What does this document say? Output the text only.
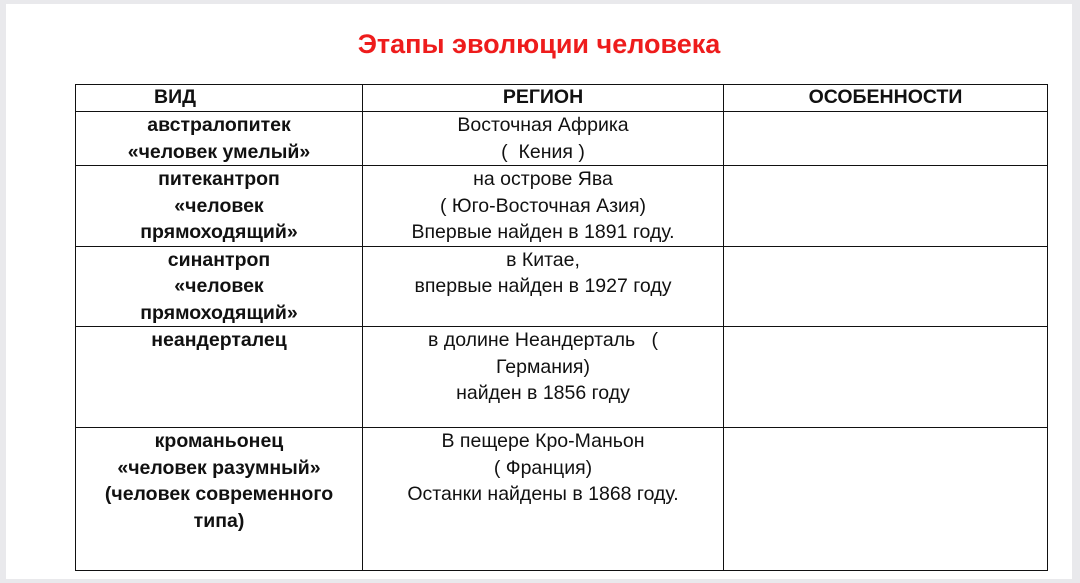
Этапы эволюции человека
ВИД	РЕГИОН	ОСОБЕННОСТИ

австралопитек
«человек умелый»	Восточная Африка
(  Кения )	

питекантроп
«человек
прямоходящий»	на острове Ява
( Юго-Восточная Азия)
Впервые найден в 1891 году.	

синантроп
«человек
прямоходящий»	в Китае,
впервые найден в 1927 году	

неандерталец	в долине Неандерталь   (
Германия)
найден в 1856 году	

кроманьонец
«человек разумный»
(человек современного
типа)	В пещере Кро-Маньон
( Франция)
Останки найдены в 1868 году.	
